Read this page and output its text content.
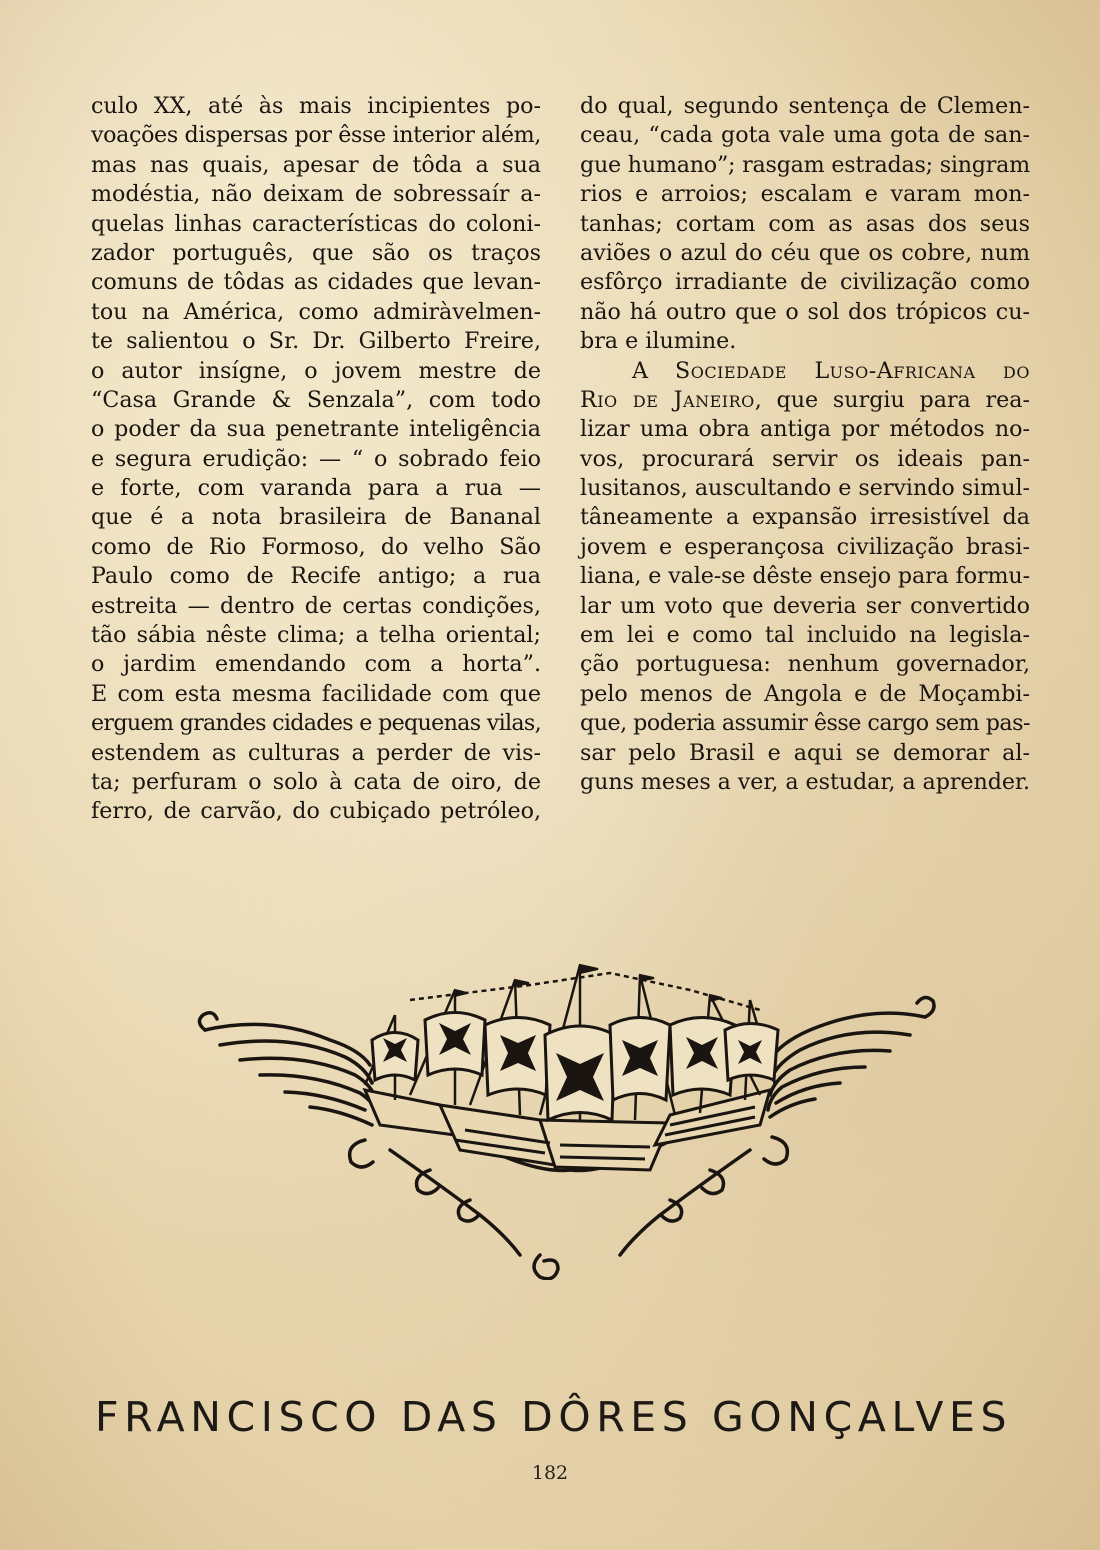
culo XX, até às mais incipientes po-
voações dispersas por êsse interior além,
mas nas quais, apesar de tôda a sua
modéstia, não deixam de sobressaír a-
quelas linhas características do coloni-
zador português, que são os traços
comuns de tôdas as cidades que levan-
tou na América, como admiràvelmen-
te salientou o Sr. Dr. Gilberto Freire,
o autor insígne, o jovem mestre de
“Casa Grande & Senzala”, com todo
o poder da sua penetrante inteligência
e segura erudição: — “ o sobrado feio
e forte, com varanda para a rua —
que é a nota brasileira de Bananal
como de Rio Formoso, do velho São
Paulo como de Recife antigo; a rua
estreita — dentro de certas condições,
tão sábia nêste clima; a telha oriental;
o jardim emendando com a horta”.
E com esta mesma facilidade com que
erguem grandes cidades e pequenas vilas,
estendem as culturas a perder de vis-
ta; perfuram o solo à cata de oiro, de
ferro, de carvão, do cubiçado petróleo,
do qual, segundo sentença de Clemen-
ceau, “cada gota vale uma gota de san-
gue humano”; rasgam estradas; singram
rios e arroios; escalam e varam mon-
tanhas; cortam com as asas dos seus
aviões o azul do céu que os cobre, num
esfôrço irradiante de civilização como
não há outro que o sol dos trópicos cu-
bra e ilumine.
A Sociedade Luso-Africana do
Rio de Janeiro, que surgiu para rea-
lizar uma obra antiga por métodos no-
vos, procurará servir os ideais pan-
lusitanos, auscultando e servindo simul-
tâneamente a expansão irresistível da
jovem e esperançosa civilização brasi-
liana, e vale-se dêste ensejo para formu-
lar um voto que deveria ser convertido
em lei e como tal incluido na legisla-
ção portuguesa: nenhum governador,
pelo menos de Angola e de Moçambi-
que, poderia assumir êsse cargo sem pas-
sar pelo Brasil e aqui se demorar al-
guns meses a ver, a estudar, a aprender.
FRANCISCO DAS DÔRES GONÇALVES
182
